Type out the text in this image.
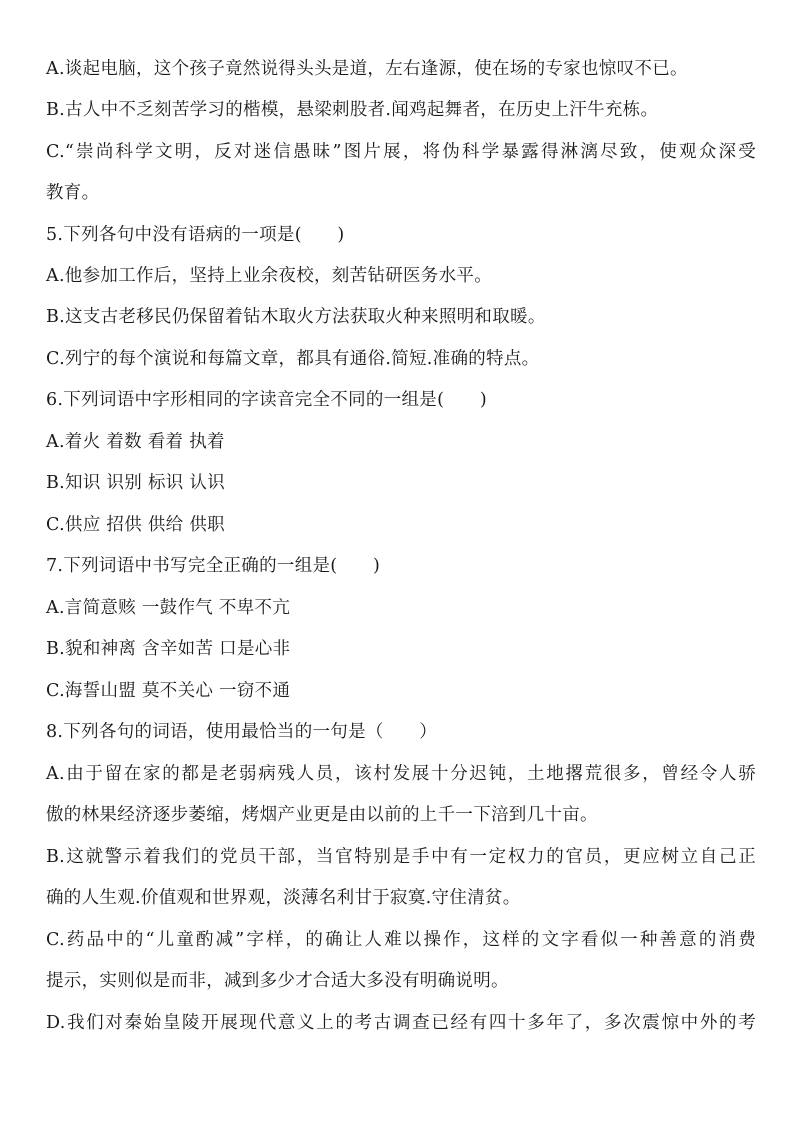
A.谈起电脑，这个孩子竟然说得头头是道，左右逢源，使在场的专家也惊叹不已。
B.古人中不乏刻苦学习的楷模，悬梁刺股者.闻鸡起舞者，在历史上汗牛充栋。
C.“崇尚科学文明，反对迷信愚昧”图片展，将伪科学暴露得淋漓尽致，使观众深受
教育。
5.下列各句中没有语病的一项是(　　)
A.他参加工作后，坚持上业余夜校，刻苦钻研医务水平。
B.这支古老移民仍保留着钻木取火方法获取火种来照明和取暖。
C.列宁的每个演说和每篇文章，都具有通俗.简短.准确的特点。
6.下列词语中字形相同的字读音完全不同的一组是(　　)
A.着火 着数 看着 执着
B.知识 识别 标识 认识
C.供应 招供 供给 供职
7.下列词语中书写完全正确的一组是(　　)
A.言简意赅 一鼓作气 不卑不亢
B.貌和神离 含辛如苦 口是心非
C.海誓山盟 莫不关心 一窃不通
8.下列各句的词语，使用最恰当的一句是（　　）
A.由于留在家的都是老弱病残人员，该村发展十分迟钝，土地撂荒很多，曾经令人骄
傲的林果经济逐步萎缩，烤烟产业更是由以前的上千一下涪到几十亩。
B.这就警示着我们的党员干部，当官特别是手中有一定权力的官员，更应树立自己正
确的人生观.价值观和世界观，淡薄名利甘于寂寞.守住清贫。
C.药品中的“儿童酌减”字样，的确让人难以操作，这样的文字看似一种善意的消费
提示，实则似是而非，减到多少才合适大多没有明确说明。
D.我们对秦始皇陵开展现代意义上的考古调查已经有四十多年了，多次震惊中外的考
